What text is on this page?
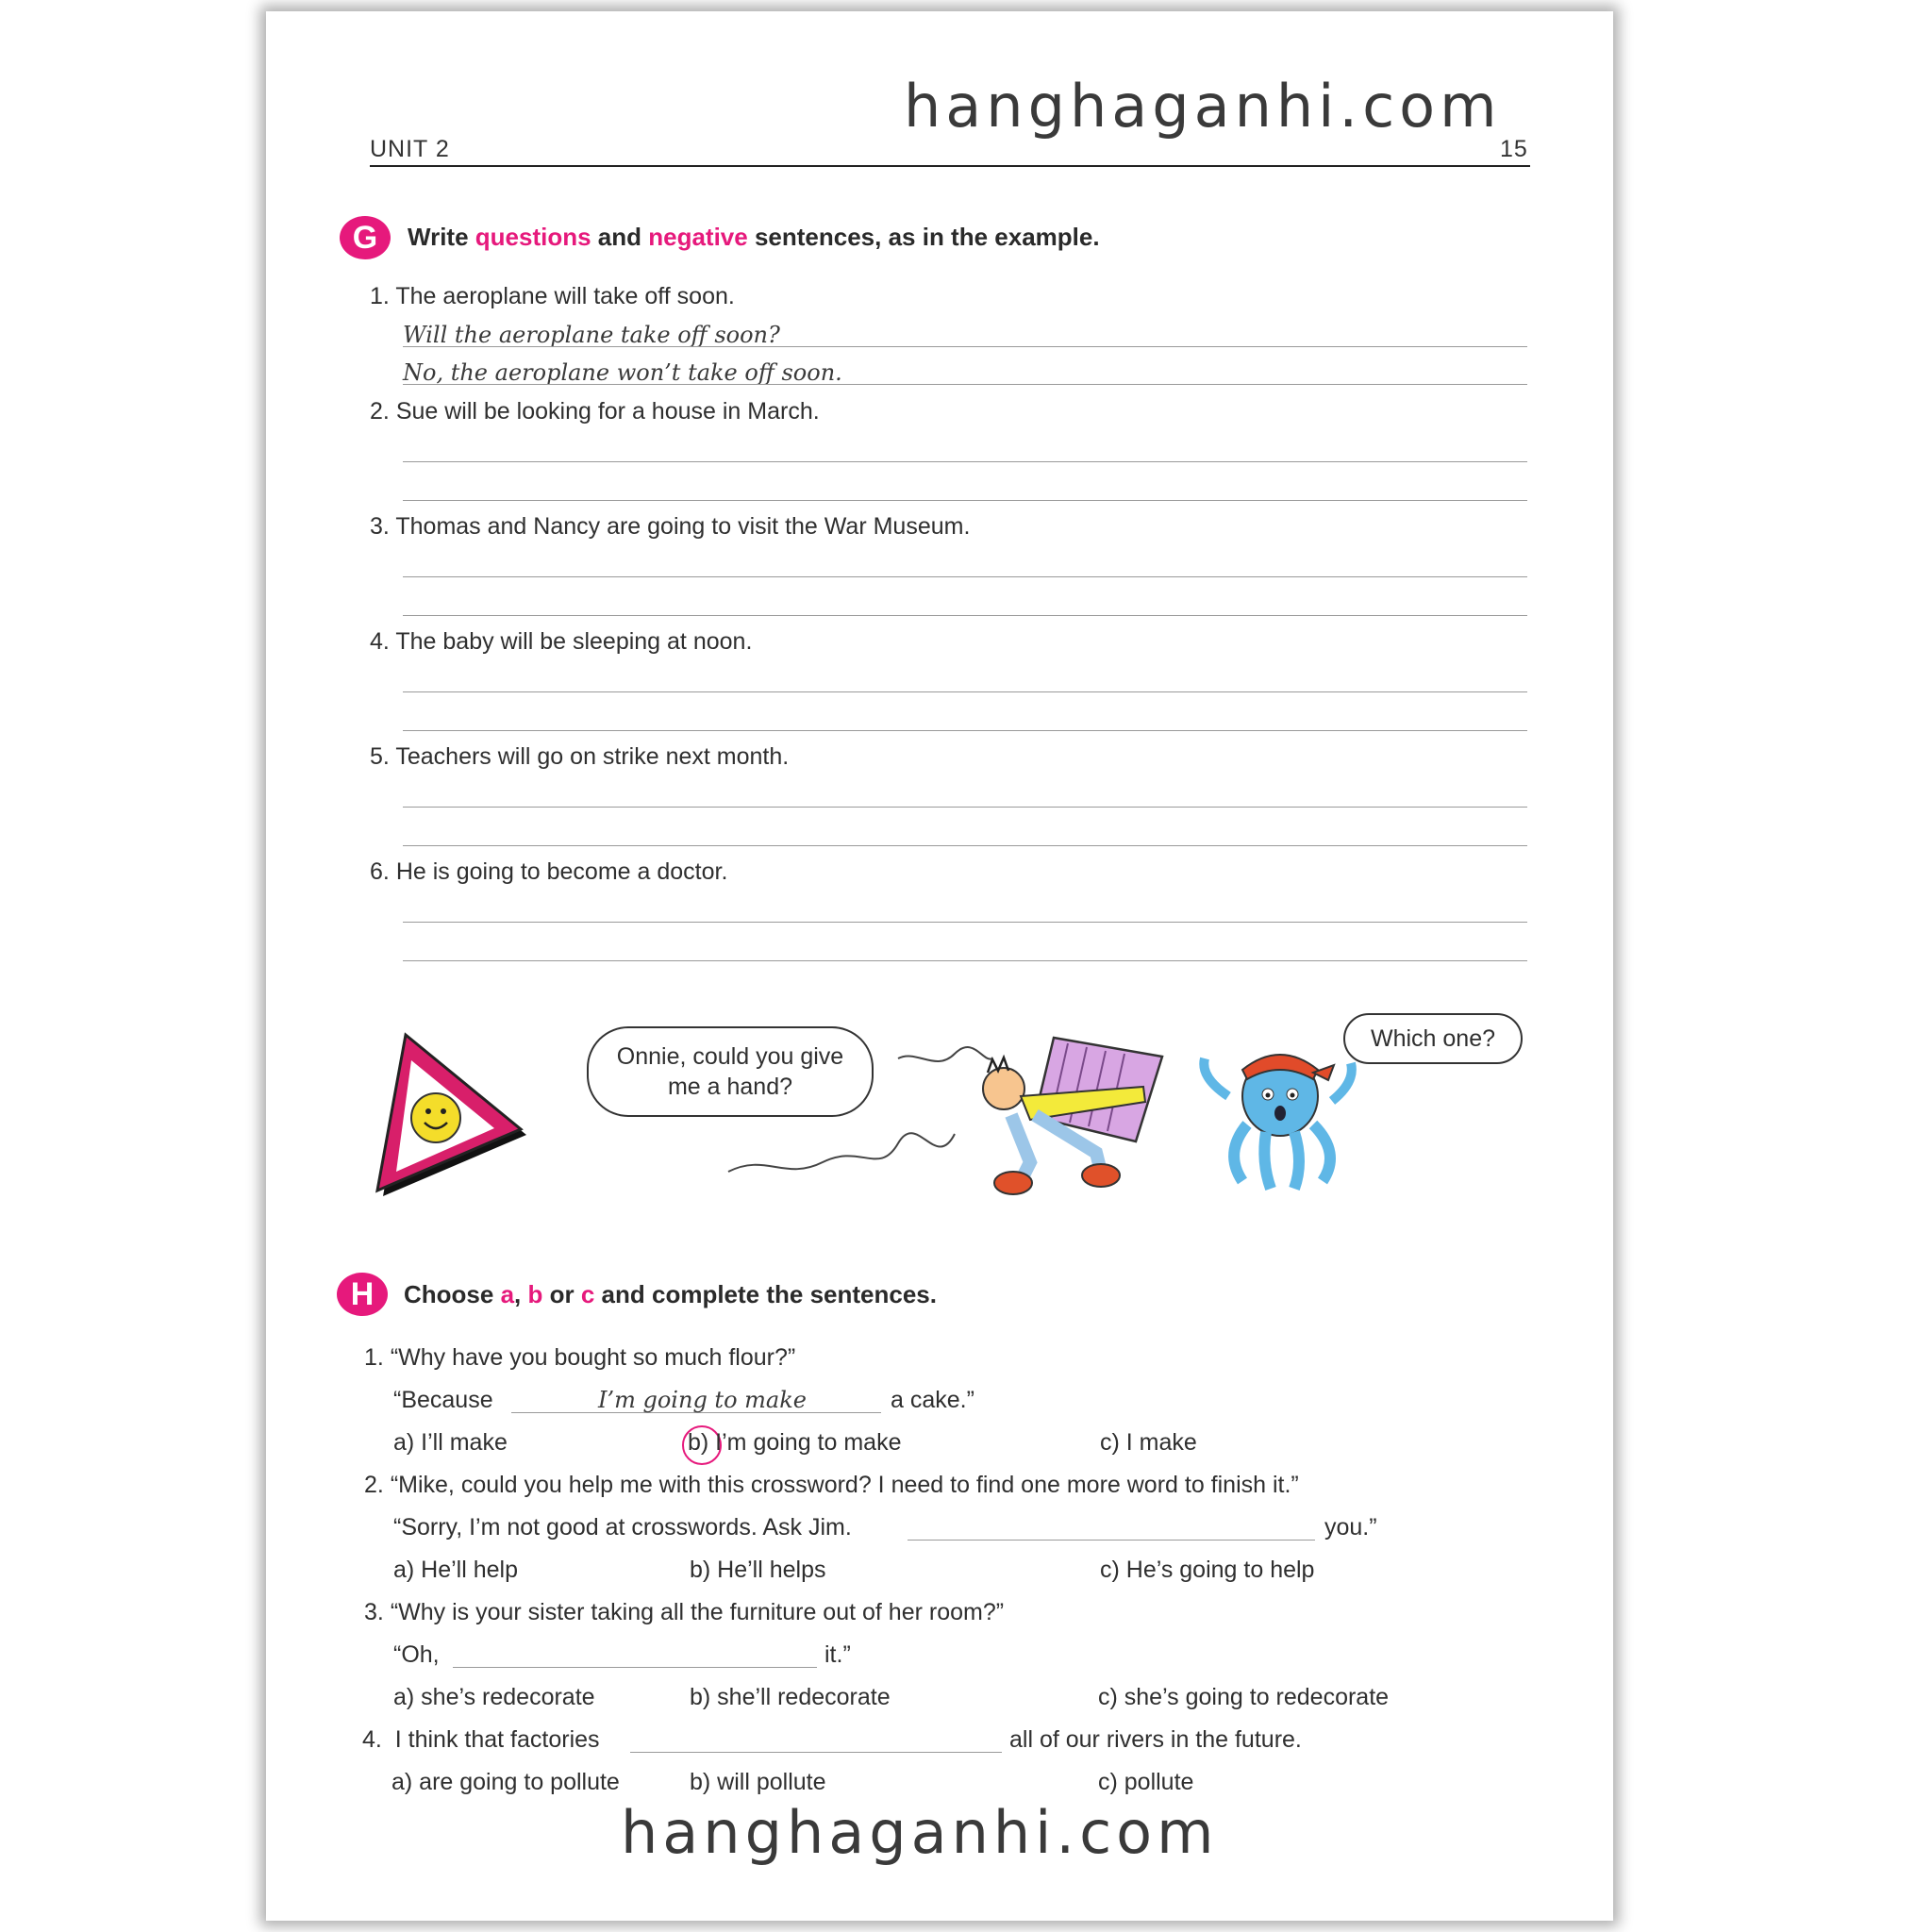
hanghaganhi.com
UNIT 2	15
G	Write questions and negative sentences, as in the example.
1. The aeroplane will take off soon.
Will the aeroplane take off soon?
No, the aeroplane won’t take off soon.
2. Sue will be looking for a house in March.
3. Thomas and Nancy are going to visit the War Museum.
4. The baby will be sleeping at noon.
5. Teachers will go on strike next month.
6. He is going to become a doctor.
Onnie, could you give
me a hand?
Which one?
H	Choose a, b or c and complete the sentences.
1. “Why have you bought so much flour?”
“Because	I’m going to make	a cake.”
a) I’ll make	b) I’m going to make	c) I make
2. “Mike, could you help me with this crossword? I need to find one more word to finish it.”
“Sorry, I’m not good at crosswords. Ask Jim.	you.”
a) He’ll help	b) He’ll helps	c) He’s going to help
3. “Why is your sister taking all the furniture out of her room?”
“Oh,	it.”
a) she’s redecorate	b) she’ll redecorate	c) she’s going to redecorate
4. I think that factories	all of our rivers in the future.
a) are going to pollute	b) will pollute	c) pollute
hanghaganhi.com
